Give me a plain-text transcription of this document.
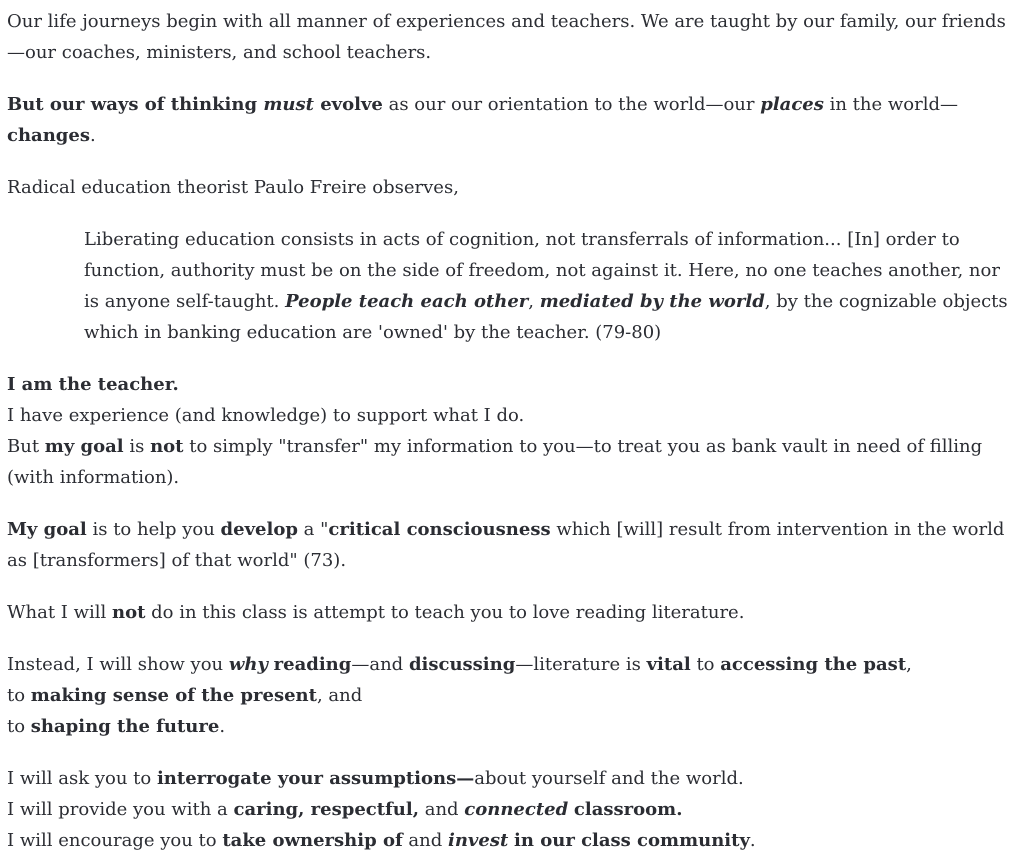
Our life journeys begin with all manner of experiences and teachers. We are taught by our family, our friends—our coaches, ministers, and school teachers.

But our ways of thinking must evolve as our our orientation to the world—our places in the world—changes.

Radical education theorist Paulo Freire observes,

Liberating education consists in acts of cognition, not transferrals of information... [In] order to function, authority must be on the side of freedom, not against it. Here, no one teaches another, nor is anyone self-taught. People teach each other, mediated by the world, by the cognizable objects which in banking education are 'owned' by the teacher. (79-80)

I am the teacher.
I have experience (and knowledge) to support what I do.
But my goal is not to simply "transfer" my information to you—to treat you as bank vault in need of filling (with information).

My goal is to help you develop a "critical consciousness which [will] result from intervention in the world as [transformers] of that world" (73).

What I will not do in this class is attempt to teach you to love reading literature.

Instead, I will show you why reading—and discussing—literature is vital to accessing the past,
to making sense of the present, and
to shaping the future.

I will ask you to interrogate your assumptions—about yourself and the world.
I will provide you with a caring, respectful, and connected classroom.
I will encourage you to take ownership of and invest in our class community.
